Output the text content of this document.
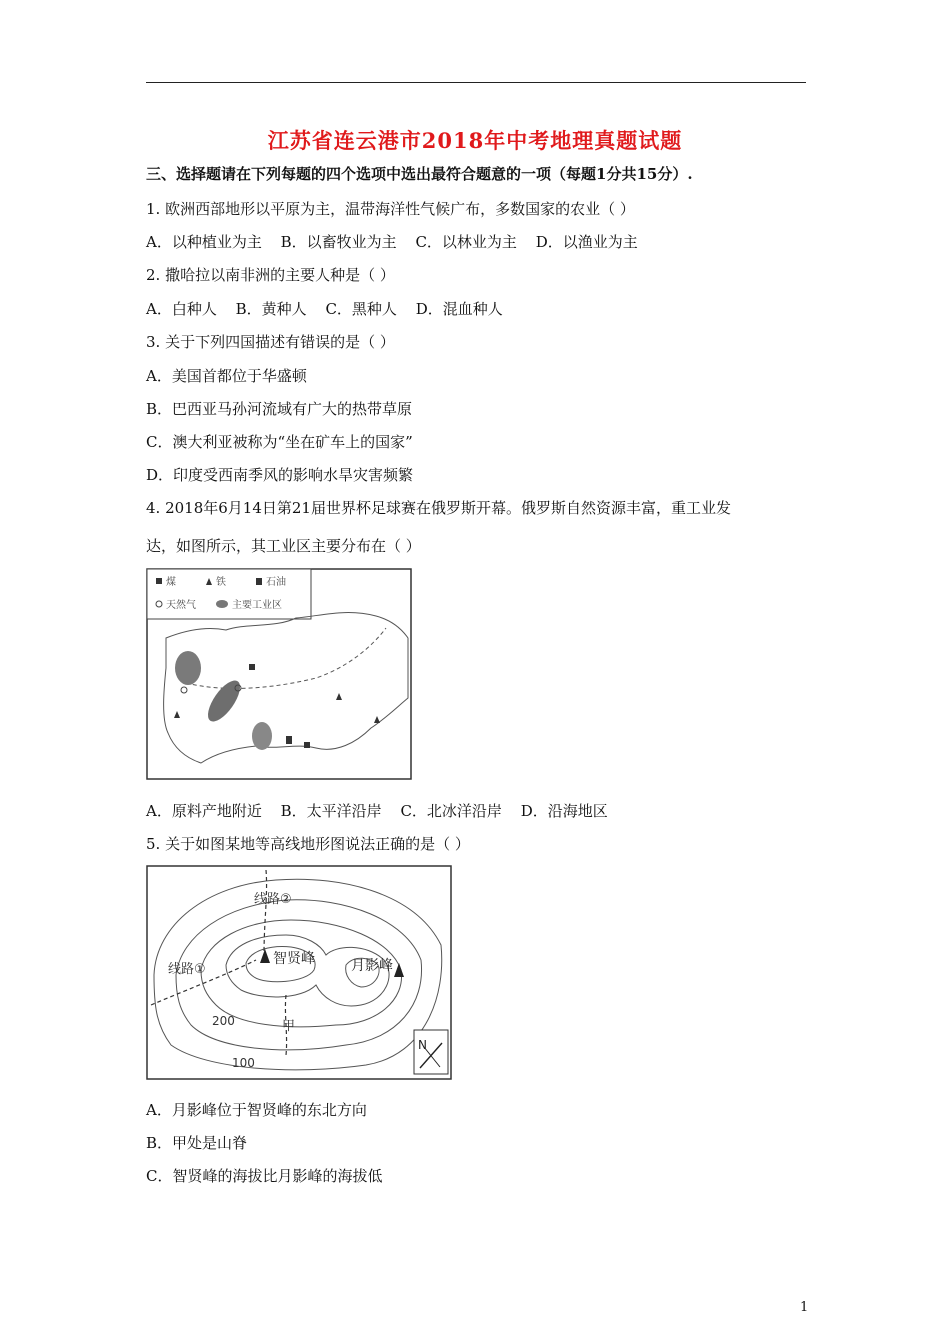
江苏省连云港市2018年中考地理真题试题
三、选择题请在下列每题的四个选项中选出最符合题意的一项（每题1分共15分）.
1. 欧洲西部地形以平原为主，温带海洋性气候广布，多数国家的农业（ ）
A．以种植业为主 B．以畜牧业为主 C．以林业为主 D．以渔业为主
2. 撒哈拉以南非洲的主要人种是（ ）
A．白种人 B．黄种人 C．黑种人 D．混血种人
3. 关于下列四国描述有错误的是（ ）
A．美国首都位于华盛顿
B．巴西亚马孙河流域有广大的热带草原
C．澳大利亚被称为“坐在矿车上的国家”
D．印度受西南季风的影响水旱灾害频繁
4. 2018年6月14日第21届世界杯足球赛在俄罗斯开幕。俄罗斯自然资源丰富，重工业发
达，如图所示，其工业区主要分布在（ ）
煤	铁	石油
天然气	主要工业区
A．原料产地附近 B．太平洋沿岸 C．北冰洋沿岸 D．沿海地区
5. 关于如图某地等高线地形图说法正确的是（ ）
智贤峰	月影峰
线路②
线路①
甲
200
100
N
A．月影峰位于智贤峰的东北方向
B．甲处是山脊
C．智贤峰的海拔比月影峰的海拔低
1
